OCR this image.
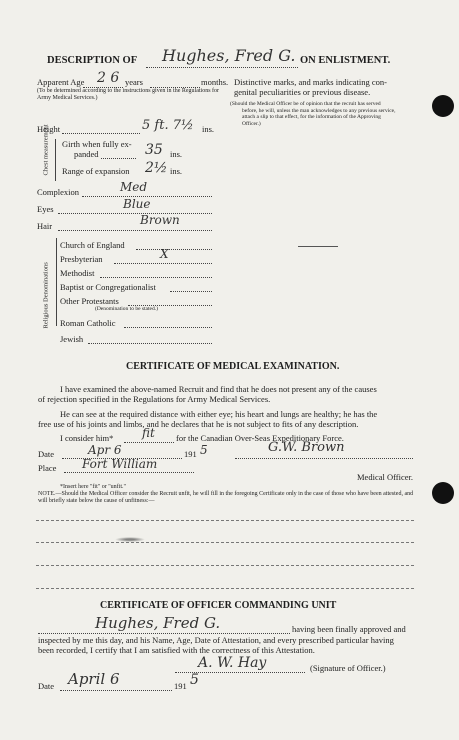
DESCRIPTION OF Hughes, Fred G. ON ENLISTMENT.
Apparent Age 2 6 years	months.
(To be determined according to the instructions given in the Regulations for Army Medical Services.)
Height	5 ft. 7½ ins.
Chest measurement Girth when fully ex-
panded	35 ins.
Range of expansion 2½ ins.
Complexion	Med
Eyes	Blue
Hair	Brown
Religious Denominations
Church of England
Presbyterian	X
Methodist
Baptist or Congregationalist
Other Protestants
(Denomination to be stated.)
Roman Catholic
Jewish
Distinctive marks, and marks indicating con-
genital peculiarities or previous disease.
(Should the Medical Officer be of opinion that the recruit has served
before, he will, unless the man acknowledges to any previous service,
attach a slip to that effect, for the information of the Approving
Officer.)
CERTIFICATE OF MEDICAL EXAMINATION.
I have examined the above-named Recruit and find that he does not present any of the causes
of rejection specified in the Regulations for Army Medical Services.
He can see at the required distance with either eye; his heart and lungs are healthy; he has the
free use of his joints and limbs, and he declares that he is not subject to fits of any description.
I consider him* fit for the Canadian Over-Seas Expeditionary Force.
Date	Apr 6	191 5	G.W. Brown
Place Fort William
Medical Officer.
*Insert here "fit" or "unfit."
NOTE.—Should the Medical Officer consider the Recruit unfit, he will fill in the foregoing Certificate only in the case of those who have been attested, and will briefly state below the cause of unfitness:—
CERTIFICATE OF OFFICER COMMANDING UNIT
Hughes, Fred G.	having been finally approved and
inspected by me this day, and his Name, Age, Date of Attestation, and every prescribed particular having
been recorded, I certify that I am satisfied with the correctness of this Attestation.
A. W. Hay	(Signature of Officer.)
Date April 6	191 5
